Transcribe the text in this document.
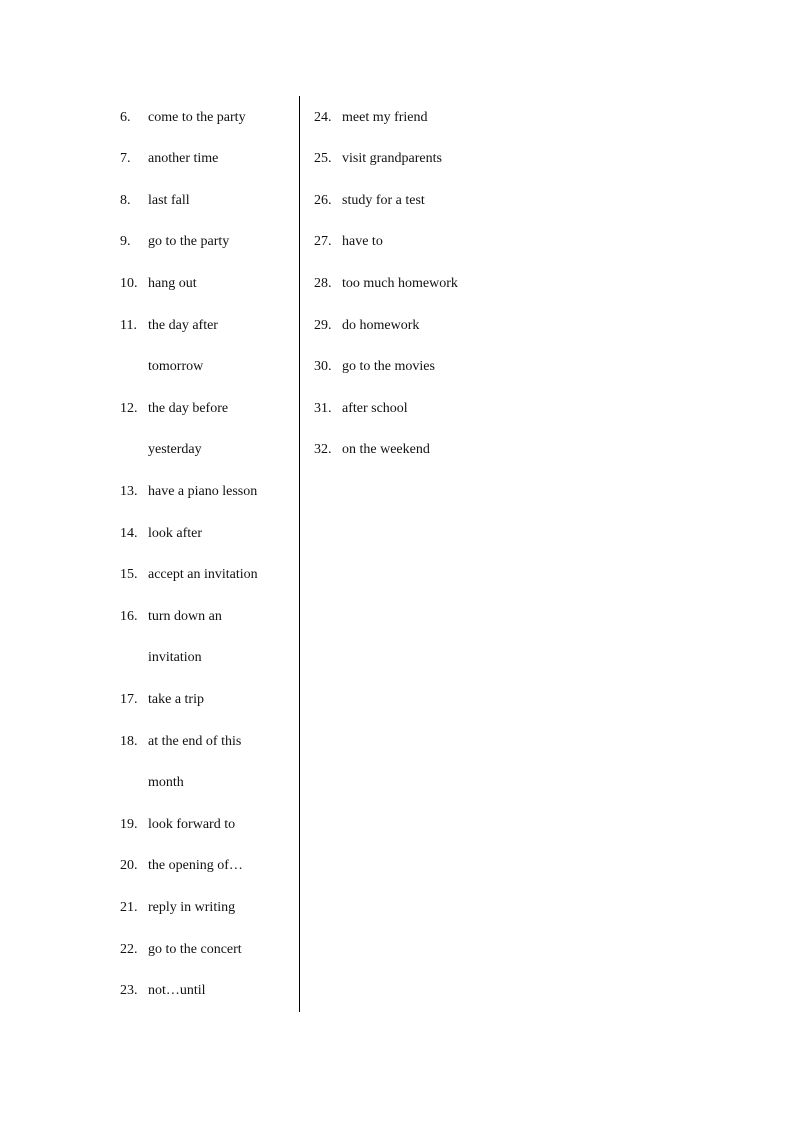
6. come to the party
7. another time
8. last fall
9. go to the party
10. hang out
11. the day after
tomorrow
12. the day before
yesterday
13. have a piano lesson
14. look after
15. accept an invitation
16. turn down an
invitation
17. take a trip
18. at the end of this
month
19. look forward to
20. the opening of…
21. reply in writing
22. go to the concert
23. not…until
24. meet my friend
25. visit grandparents
26. study for a test
27. have to
28. too much homework
29. do homework
30. go to the movies
31. after school
32. on the weekend
